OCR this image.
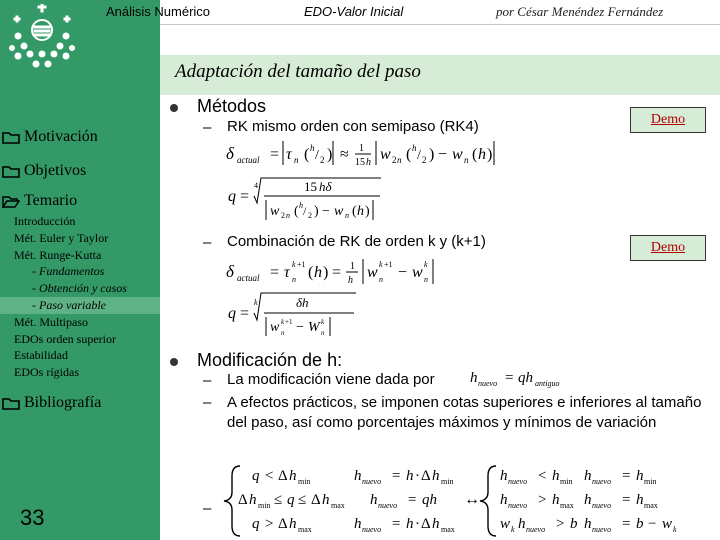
Motivación
Objetivos
Temario
Introducción
Mét. Euler y Taylor
Mét. Runge-Kutta
- Fundamentos
- Obtención y casos
- Paso variable
Mét. Multipaso
EDOs orden superior
Estabilidad
EDOs rígidas
Bibliografía
33
Análisis Numérico	EDO-Valor Inicial	por César Menéndez Fernández
Adaptación del tamaño del paso
Métodos
– RK mismo orden con semipaso (RK4)	Demo
δ actual = τ n ( h / 2 ) ≈ 1
15 h w 2 n ( h / 2 ) − w n ( h )
q =
4	15 hδ
w 2 n ( h / 2 ) − w n ( h )
– Combinación de RK de orden k y (k+1)	Demo
δ actual = τ k +1
n ( h ) = 1
h w k +1
n − w k
n
q =
k	δh
w k +1
n − W k
n
Modificación de h:
– La modificación viene dada por h nuevo = qh antiguo
– A efectos prácticos, se imponen cotas superiores e inferiores al tamaño del paso, así como porcentajes máximos y mínimos de variación
–
q < Δ h min
Δ h min ≤ q ≤ Δ h max
q > Δ h max
h nuevo = h · Δ h min
h nuevo = qh
h nuevo = h · Δ h max
↔
h nuevo < h min h nuevo = h min
h nuevo > h max h nuevo = h max
w k h nuevo > b h nuevo = b − w k
